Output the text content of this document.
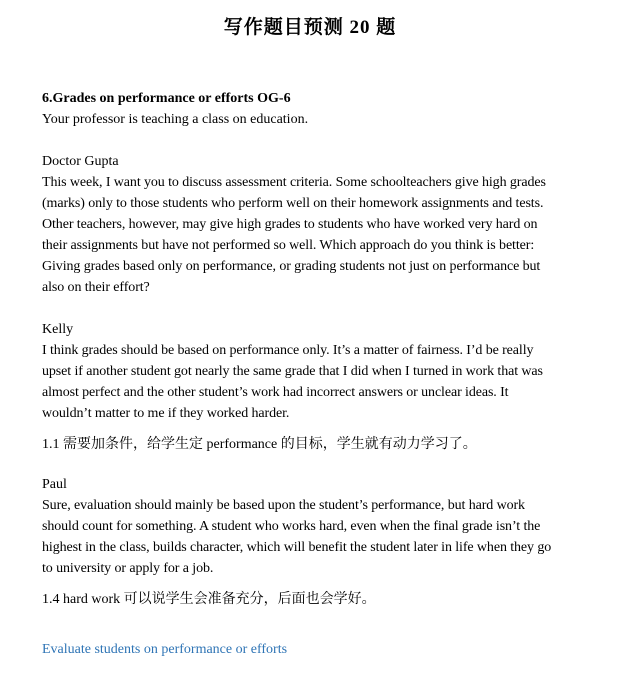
写作题目预测 20 题
6.Grades on performance or efforts OG-6
Your professor is teaching a class on education.
Doctor Gupta
This week, I want you to discuss assessment criteria. Some schoolteachers give high grades
(marks) only to those students who perform well on their homework assignments and tests.
Other teachers, however, may give high grades to students who have worked very hard on
their assignments but have not performed so well. Which approach do you think is better:
Giving grades based only on performance, or grading students not just on performance but
also on their effort?
Kelly
I think grades should be based on performance only. It’s a matter of fairness. I’d be really
upset if another student got nearly the same grade that I did when I turned in work that was
almost perfect and the other student’s work had incorrect answers or unclear ideas. It
wouldn’t matter to me if they worked harder.
1.1 需要加条件，给学生定 performance 的目标，学生就有动力学习了。
Paul
Sure, evaluation should mainly be based upon the student’s performance, but hard work
should count for something. A student who works hard, even when the final grade isn’t the
highest in the class, builds character, which will benefit the student later in life when they go
to university or apply for a job.
1.4 hard work 可以说学生会准备充分，后面也会学好。
Evaluate students on performance or efforts
